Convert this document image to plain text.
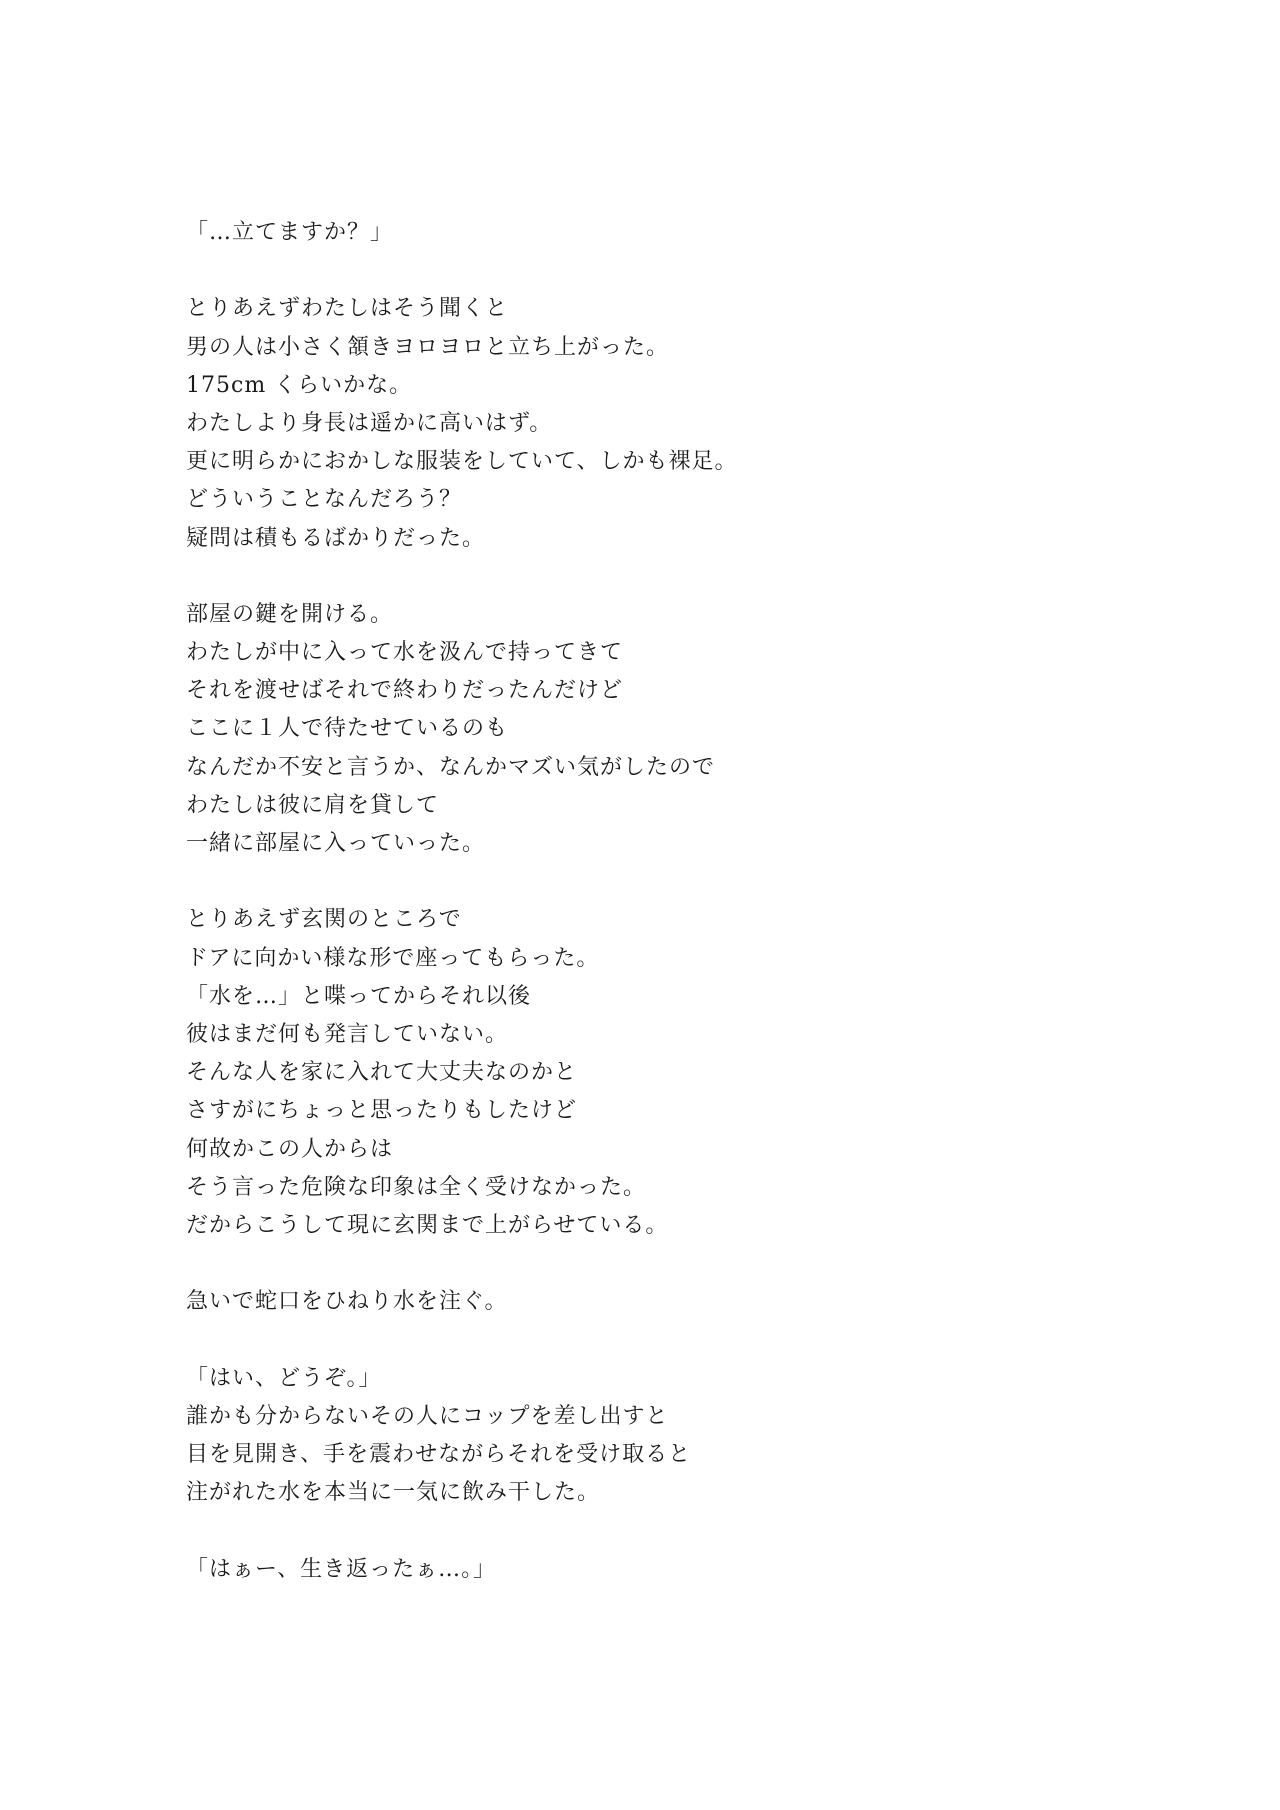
「…立てますか？」
とりあえずわたしはそう聞くと
男の人は小さく頷きヨロヨロと立ち上がった。
175cm くらいかな。
わたしより身長は遥かに高いはず。
更に明らかにおかしな服装をしていて、しかも裸足。
どういうことなんだろう？
疑問は積もるばかりだった。
部屋の鍵を開ける。
わたしが中に入って水を汲んで持ってきて
それを渡せばそれで終わりだったんだけど
ここに１人で待たせているのも
なんだか不安と言うか、なんかマズい気がしたので
わたしは彼に肩を貸して
一緒に部屋に入っていった。
とりあえず玄関のところで
ドアに向かい様な形で座ってもらった。
「水を…」と喋ってからそれ以後
彼はまだ何も発言していない。
そんな人を家に入れて大丈夫なのかと
さすがにちょっと思ったりもしたけど
何故かこの人からは
そう言った危険な印象は全く受けなかった。
だからこうして現に玄関まで上がらせている。
急いで蛇口をひねり水を注ぐ。
「はい、どうぞ。」
誰かも分からないその人にコップを差し出すと
目を見開き、手を震わせながらそれを受け取ると
注がれた水を本当に一気に飲み干した。
「はぁー、生き返ったぁ…。」
